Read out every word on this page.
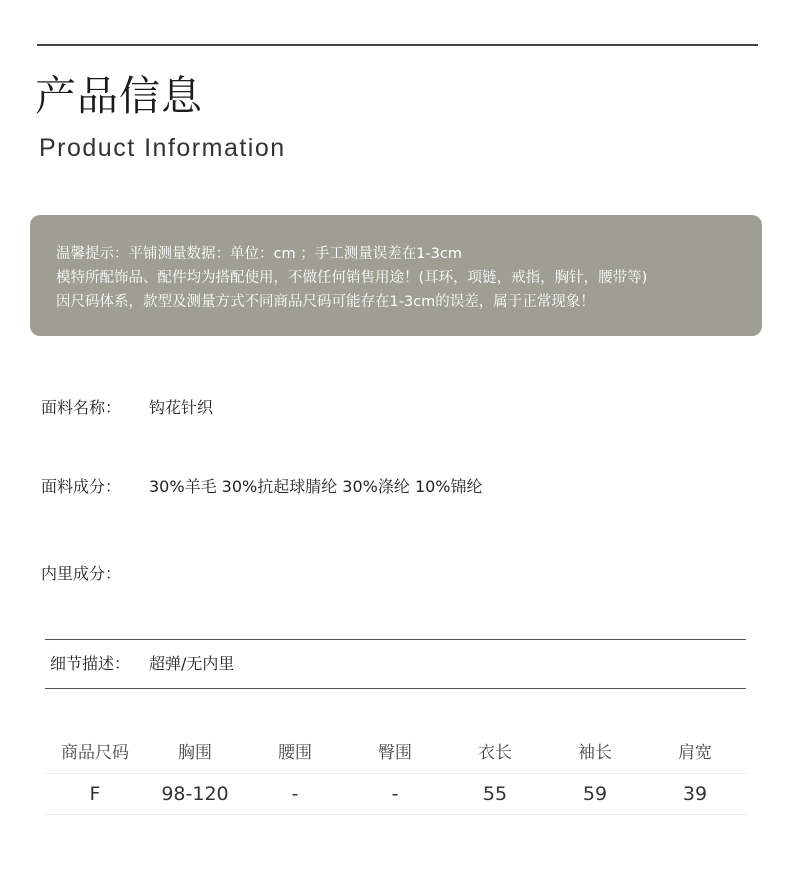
产品信息
Product Information
温馨提示：平铺测量数据：单位：cm ；手工测量误差在1-3cm
模特所配饰品、配件均为搭配使用，不做任何销售用途！(耳环，项链，戒指，胸针，腰带等)
因尺码体系，款型及测量方式不同商品尺码可能存在1-3cm的误差，属于正常现象！
面料名称： 钩花针织
面料成分： 30%羊毛 30%抗起球腈纶 30%涤纶 10%锦纶
内里成分：
细节描述： 超弹/无内里
商品尺码	胸围	腰围	臀围	衣长	袖长	肩宽
F	98-120	-	-	55	59	39
